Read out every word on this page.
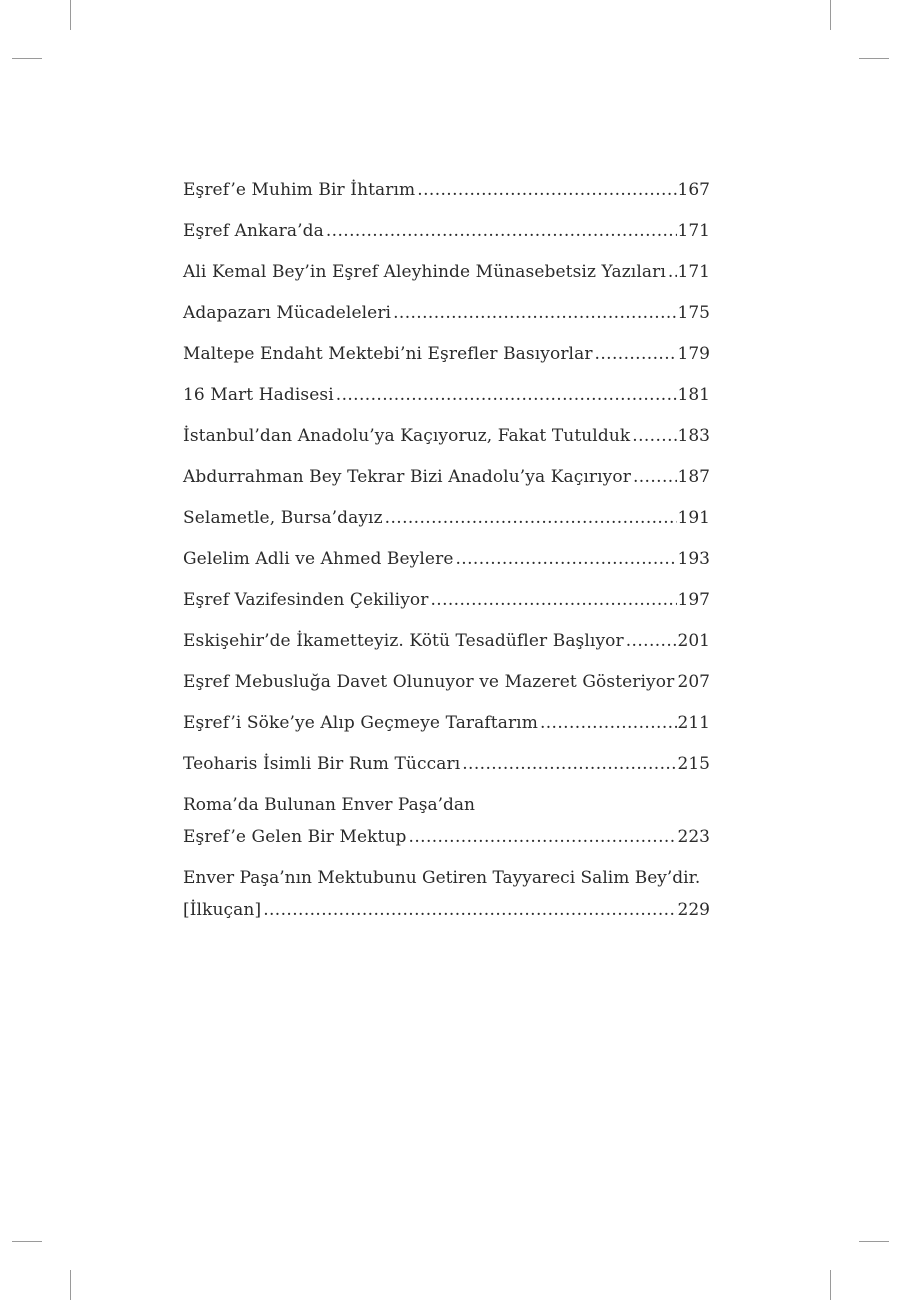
Eşref’e Muhim Bir İhtarım .....	167
Eşref Ankara’da .....	171
Ali Kemal Bey’in Eşref Aleyhinde Münasebetsiz Yazıları ..... 171
Adapazarı Mücadeleleri .....	175
Maltepe Endaht Mektebi’ni Eşrefler Basıyorlar .....	179
16 Mart Hadisesi .....	181
İstanbul’dan Anadolu’ya Kaçıyoruz, Fakat Tutulduk .....	183
Abdurrahman Bey Tekrar Bizi Anadolu’ya Kaçırıyor .....	187
Selametle, Bursa’dayız .....	191
Gelelim Adli ve Ahmed Beylere .....	193
Eşref Vazifesinden Çekiliyor .....	197
Eskişehir’de İkametteyiz. Kötü Tesadüfler Başlıyor .....	201
Eşref Mebusluğa Davet Olunuyor ve Mazeret Gösteriyor ..... 207
Eşref’i Söke’ye Alıp Geçmeye Taraftarım .....	211
Teoharis İsimli Bir Rum Tüccarı .....	215
Roma’da Bulunan Enver Paşa’dan
Eşref’e Gelen Bir Mektup .....	223
Enver Paşa’nın Mektubunu Getiren Tayyareci Salim Bey’dir.
[İlkuçan] .....	229
